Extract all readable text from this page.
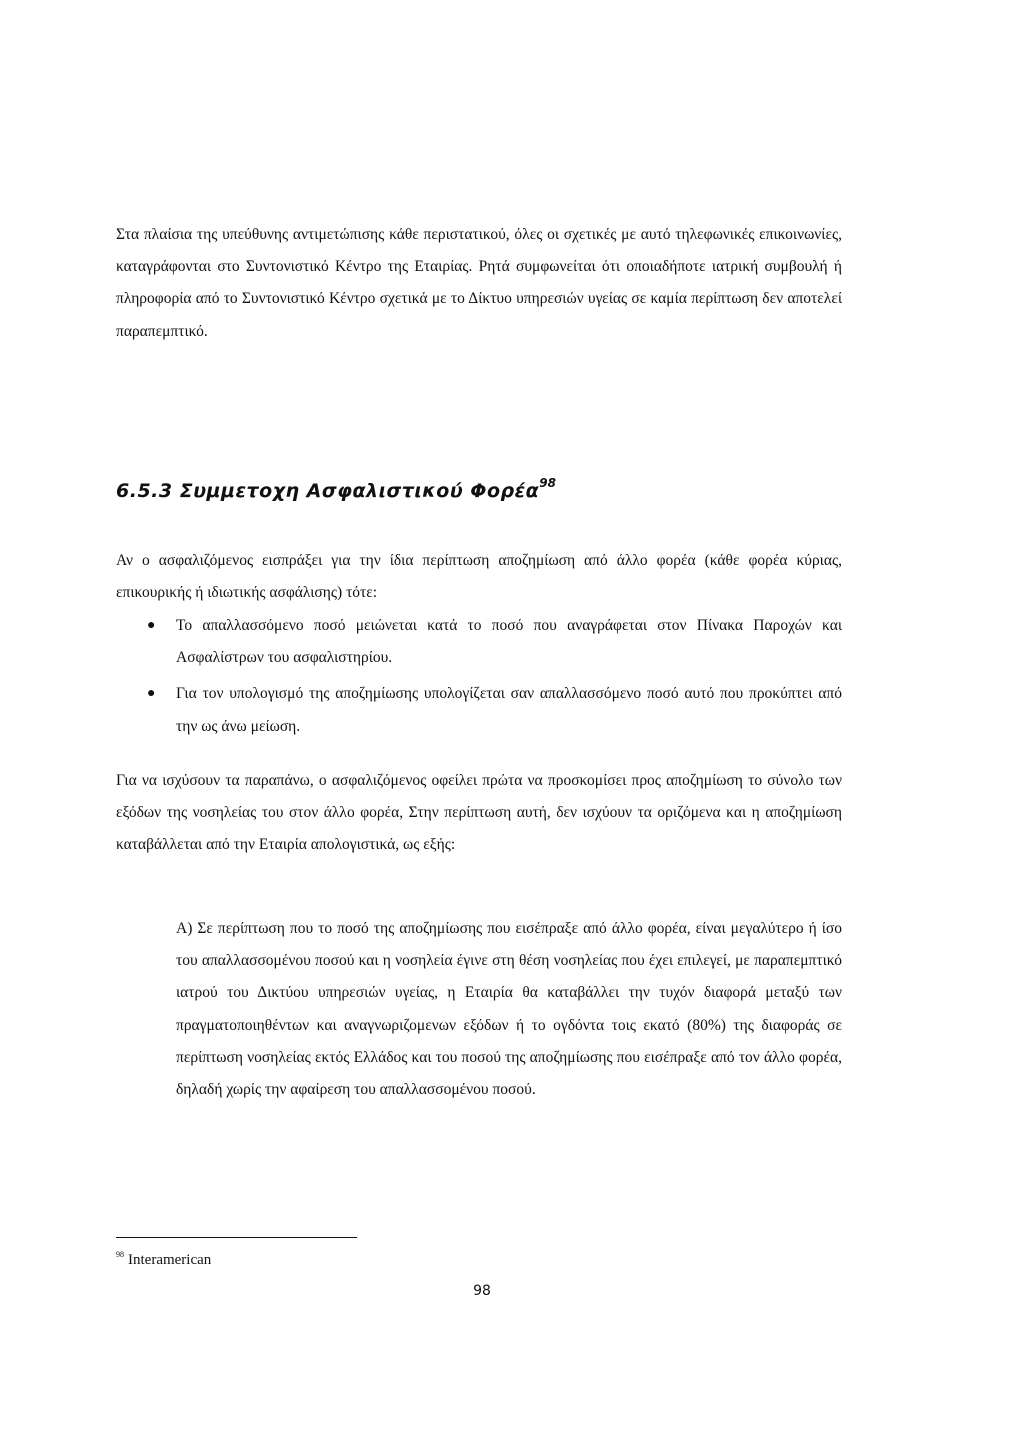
Στα πλαίσια της υπεύθυνης αντιμετώπισης κάθε περιστατικού, όλες οι σχετικές με αυτό τηλεφωνικές επικοινωνίες, καταγράφονται στο Συντονιστικό Κέντρο της Εταιρίας. Ρητά συμφωνείται ότι οποιαδήποτε ιατρική συμβουλή ή πληροφορία από το Συντονιστικό Κέντρο σχετικά με το Δίκτυο υπηρεσιών υγείας σε καμία περίπτωση δεν αποτελεί παραπεμπτικό.

6.5.3 Συμμετοχη Ασφαλιστικού Φορέα$^{98}$

Αν ο ασφαλιζόμενος εισπράξει για την ίδια περίπτωση αποζημίωση από άλλο φορέα (κάθε φορέα κύριας, επικουρικής ή ιδιωτικής ασφάλισης) τότε:

● Το απαλλασσόμενο ποσό μειώνεται κατά το ποσό που αναγράφεται στον Πίνακα Παροχών και Ασφαλίστρων του ασφαλιστηρίου.
● Για τον υπολογισμό της αποζημίωσης υπολογίζεται σαν απαλλασσόμενο ποσό αυτό που προκύπτει από την ως άνω μείωση.

Για να ισχύσουν τα παραπάνω, ο ασφαλιζόμενος οφείλει πρώτα να προσκομίσει προς αποζημίωση το σύνολο των εξόδων της νοσηλείας του στον άλλο φορέα, Στην περίπτωση αυτή, δεν ισχύουν τα οριζόμενα και η αποζημίωση καταβάλλεται από την Εταιρία απολογιστικά, ως εξής:

Α) Σε περίπτωση που το ποσό της αποζημίωσης που εισέπραξε από άλλο φορέα, είναι μεγαλύτερο ή ίσο του απαλλασσομένου ποσού και η νοσηλεία έγινε στη θέση νοσηλείας που έχει επιλεγεί, με παραπεμπτικό ιατρού του Δικτύου υπηρεσιών υγείας, η Εταιρία θα καταβάλλει την τυχόν διαφορά μεταξύ των πραγματοποιηθέντων και αναγνωριζομενων εξόδων ή το ογδόντα τοις εκατό (80%) της διαφοράς σε περίπτωση νοσηλείας εκτός Ελλάδος και του ποσού της αποζημίωσης που εισέπραξε από τον άλλο φορέα, δηλαδή χωρίς την αφαίρεση του απαλλασσομένου ποσού.

$^{98}$ Interamerican
98
